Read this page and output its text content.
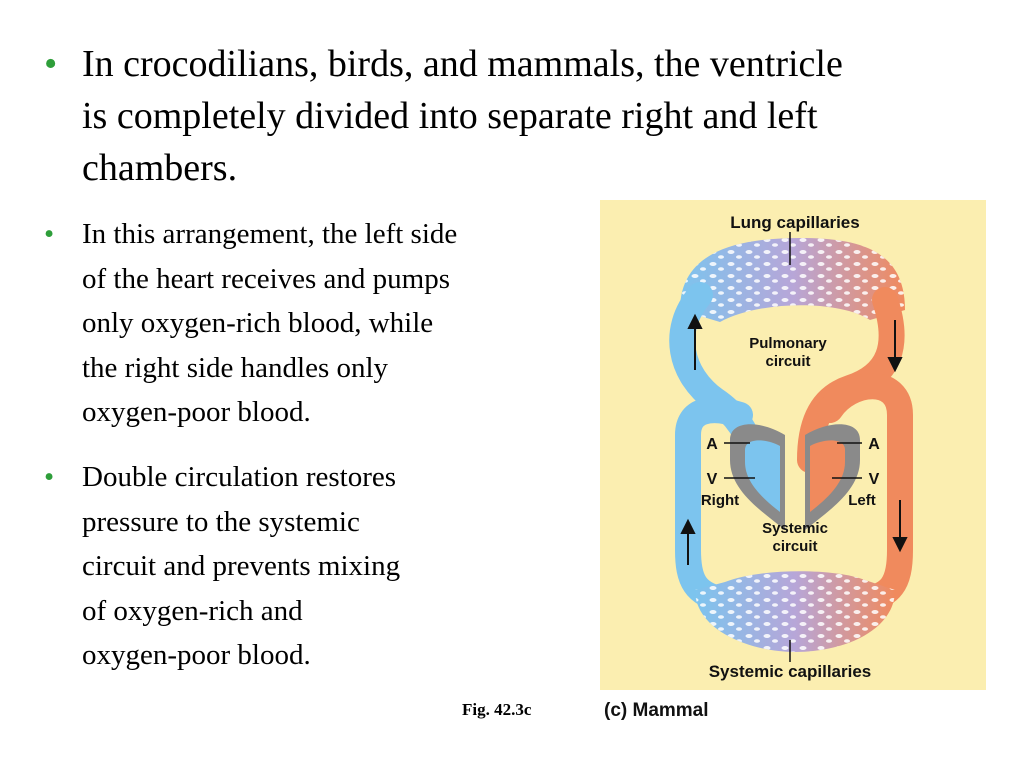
• In crocodilians, birds, and mammals, the ventricle
is completely divided into separate right and left
chambers.
• In this arrangement, the left side
of the heart receives and pumps
only oxygen-rich blood, while
the right side handles only
oxygen-poor blood.
• Double circulation restores
pressure to the systemic
circuit and prevents mixing
of oxygen-rich and
oxygen-poor blood.
Lung capillaries
Pulmonary
circuit
A
V
Right
A
V
Left
Systemic
circuit
Systemic capillaries
Fig. 42.3c	(c) Mammal
